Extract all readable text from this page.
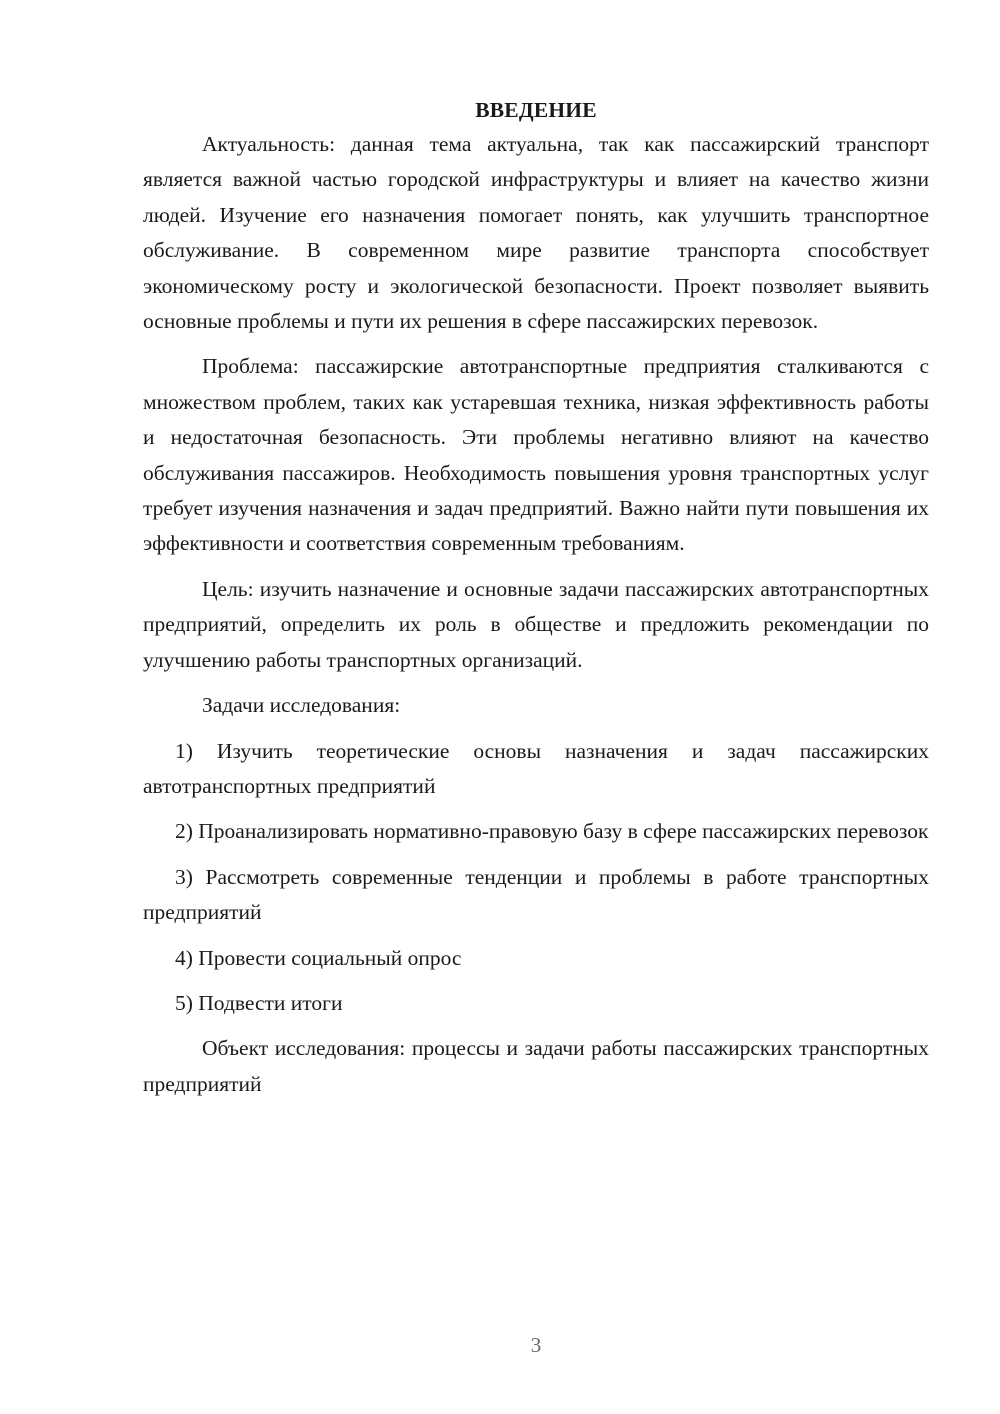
ВВЕДЕНИЕ

Актуальность: данная тема актуальна, так как пассажирский транспорт является важной частью городской инфраструктуры и влияет на качество жизни людей. Изучение его назначения помогает понять, как улучшить транспортное обслуживание. В современном мире развитие транспорта способствует экономическому росту и экологической безопасности. Проект позволяет выявить основные проблемы и пути их решения в сфере пассажирских перевозок.

Проблема: пассажирские автотранспортные предприятия сталкиваются с множеством проблем, таких как устаревшая техника, низкая эффективность работы и недостаточная безопасность. Эти проблемы негативно влияют на качество обслуживания пассажиров. Необходимость повышения уровня транспортных услуг требует изучения назначения и задач предприятий. Важно найти пути повышения их эффективности и соответствия современным требованиям.

Цель: изучить назначение и основные задачи пассажирских автотранспортных предприятий, определить их роль в обществе и предложить рекомендации по улучшению работы транспортных организаций.

Задачи исследования:

1) Изучить теоретические основы назначения и задач пассажирских автотранспортных предприятий

2) Проанализировать нормативно-правовую базу в сфере пассажирских перевозок

3) Рассмотреть современные тенденции и проблемы в работе транспортных предприятий

4) Провести социальный опрос

5) Подвести итоги

Объект исследования: процессы и задачи работы пассажирских транспортных предприятий

3
